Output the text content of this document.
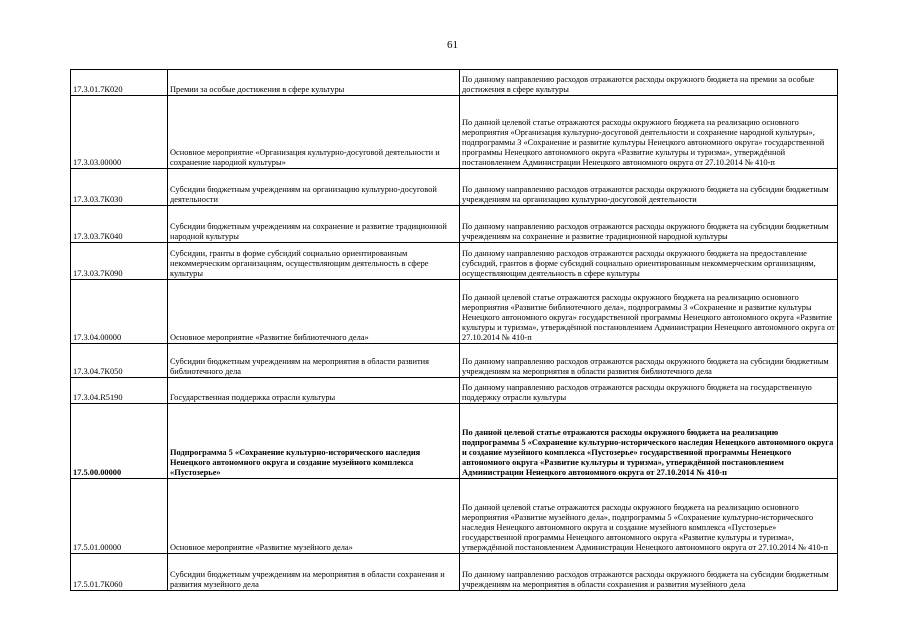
61
17.3.01.7К020	Премии за особые достижения в сфере культуры	По данному направлению расходов отражаются расходы окружного бюджета на премии за особые достижения в сфере культуры
17.3.03.00000	Основное мероприятие «Организация культурно-досуговой деятельности и сохранение народной культуры»	По данной целевой статье отражаются расходы окружного бюджета на реализацию основного мероприятия «Организация культурно-досуговой деятельности и сохранение народной культуры», подпрограммы 3 «Сохранение и развитие культуры Ненецкого автономного округа» государственной программы Ненецкого автономного округа «Развитие культуры и туризма», утверждённой постановлением Администрации Ненецкого автономного округа от 27.10.2014 № 410-п
17.3.03.7К030	Субсидии бюджетным учреждениям на организацию культурно-досуговой деятельности	По данному направлению расходов отражаются расходы окружного бюджета на субсидии бюджетным учреждениям на организацию культурно-досуговой деятельности
17.3.03.7К040	Субсидии бюджетным учреждениям на сохранение и развитие традиционной народной культуры	По данному направлению расходов отражаются расходы окружного бюджета на субсидии бюджетным учреждениям на сохранение и развитие традиционной народной культуры
17.3.03.7К090	Субсидии, гранты в форме субсидий социально ориентированным некоммерческим организациям, осуществляющим деятельность в сфере культуры	По данному направлению расходов отражаются расходы окружного бюджета на предоставление субсидий, грантов в форме субсидий социально ориентированным некоммерческим организациям, осуществляющим деятельность в сфере культуры
17.3.04.00000	Основное мероприятие «Развитие библиотечного дела»	По данной целевой статье отражаются расходы окружного бюджета на реализацию основного мероприятия «Развитие библиотечного дела», подпрограммы 3 «Сохранение и развитие культуры Ненецкого автономного округа» государственной программы Ненецкого автономного округа «Развитие культуры и туризма», утверждённой постановлением Администрации Ненецкого автономного округа от 27.10.2014 № 410-п
17.3.04.7К050	Субсидии бюджетным учреждениям на мероприятия в области развития библиотечного дела	По данному направлению расходов отражаются расходы окружного бюджета на субсидии бюджетным учреждениям на мероприятия в области развития библиотечного дела
17.3.04.R5190	Государственная поддержка отрасли культуры	По данному направлению расходов отражаются расходы окружного бюджета на государственную поддержку отрасли культуры
17.5.00.00000	Подпрограмма 5 «Сохранение культурно-исторического наследия Ненецкого автономного округа и создание музейного комплекса «Пустозерье»	По данной целевой статье отражаются расходы окружного бюджета на реализацию подпрограммы 5 «Сохранение культурно-исторического наследия Ненецкого автономного округа и создание музейного комплекса «Пустозерье» государственной программы Ненецкого автономного округа «Развитие культуры и туризма», утверждённой постановлением Администрации Ненецкого автономного округа от 27.10.2014 № 410-п
17.5.01.00000	Основное мероприятие «Развитие музейного дела»	По данной целевой статье отражаются расходы окружного бюджета на реализацию основного мероприятия «Развитие музейного дела», подпрограммы 5 «Сохранение культурно-исторического наследия Ненецкого автономного округа и создание музейного комплекса «Пустозерье» государственной программы Ненецкого автономного округа «Развитие культуры и туризма», утверждённой постановлением Администрации Ненецкого автономного округа от 27.10.2014 № 410-п
17.5.01.7К060	Субсидии бюджетным учреждениям на мероприятия в области сохранения и развития музейного дела	По данному направлению расходов отражаются расходы окружного бюджета на субсидии бюджетным учреждениям на мероприятия в области сохранения и развития музейного дела
